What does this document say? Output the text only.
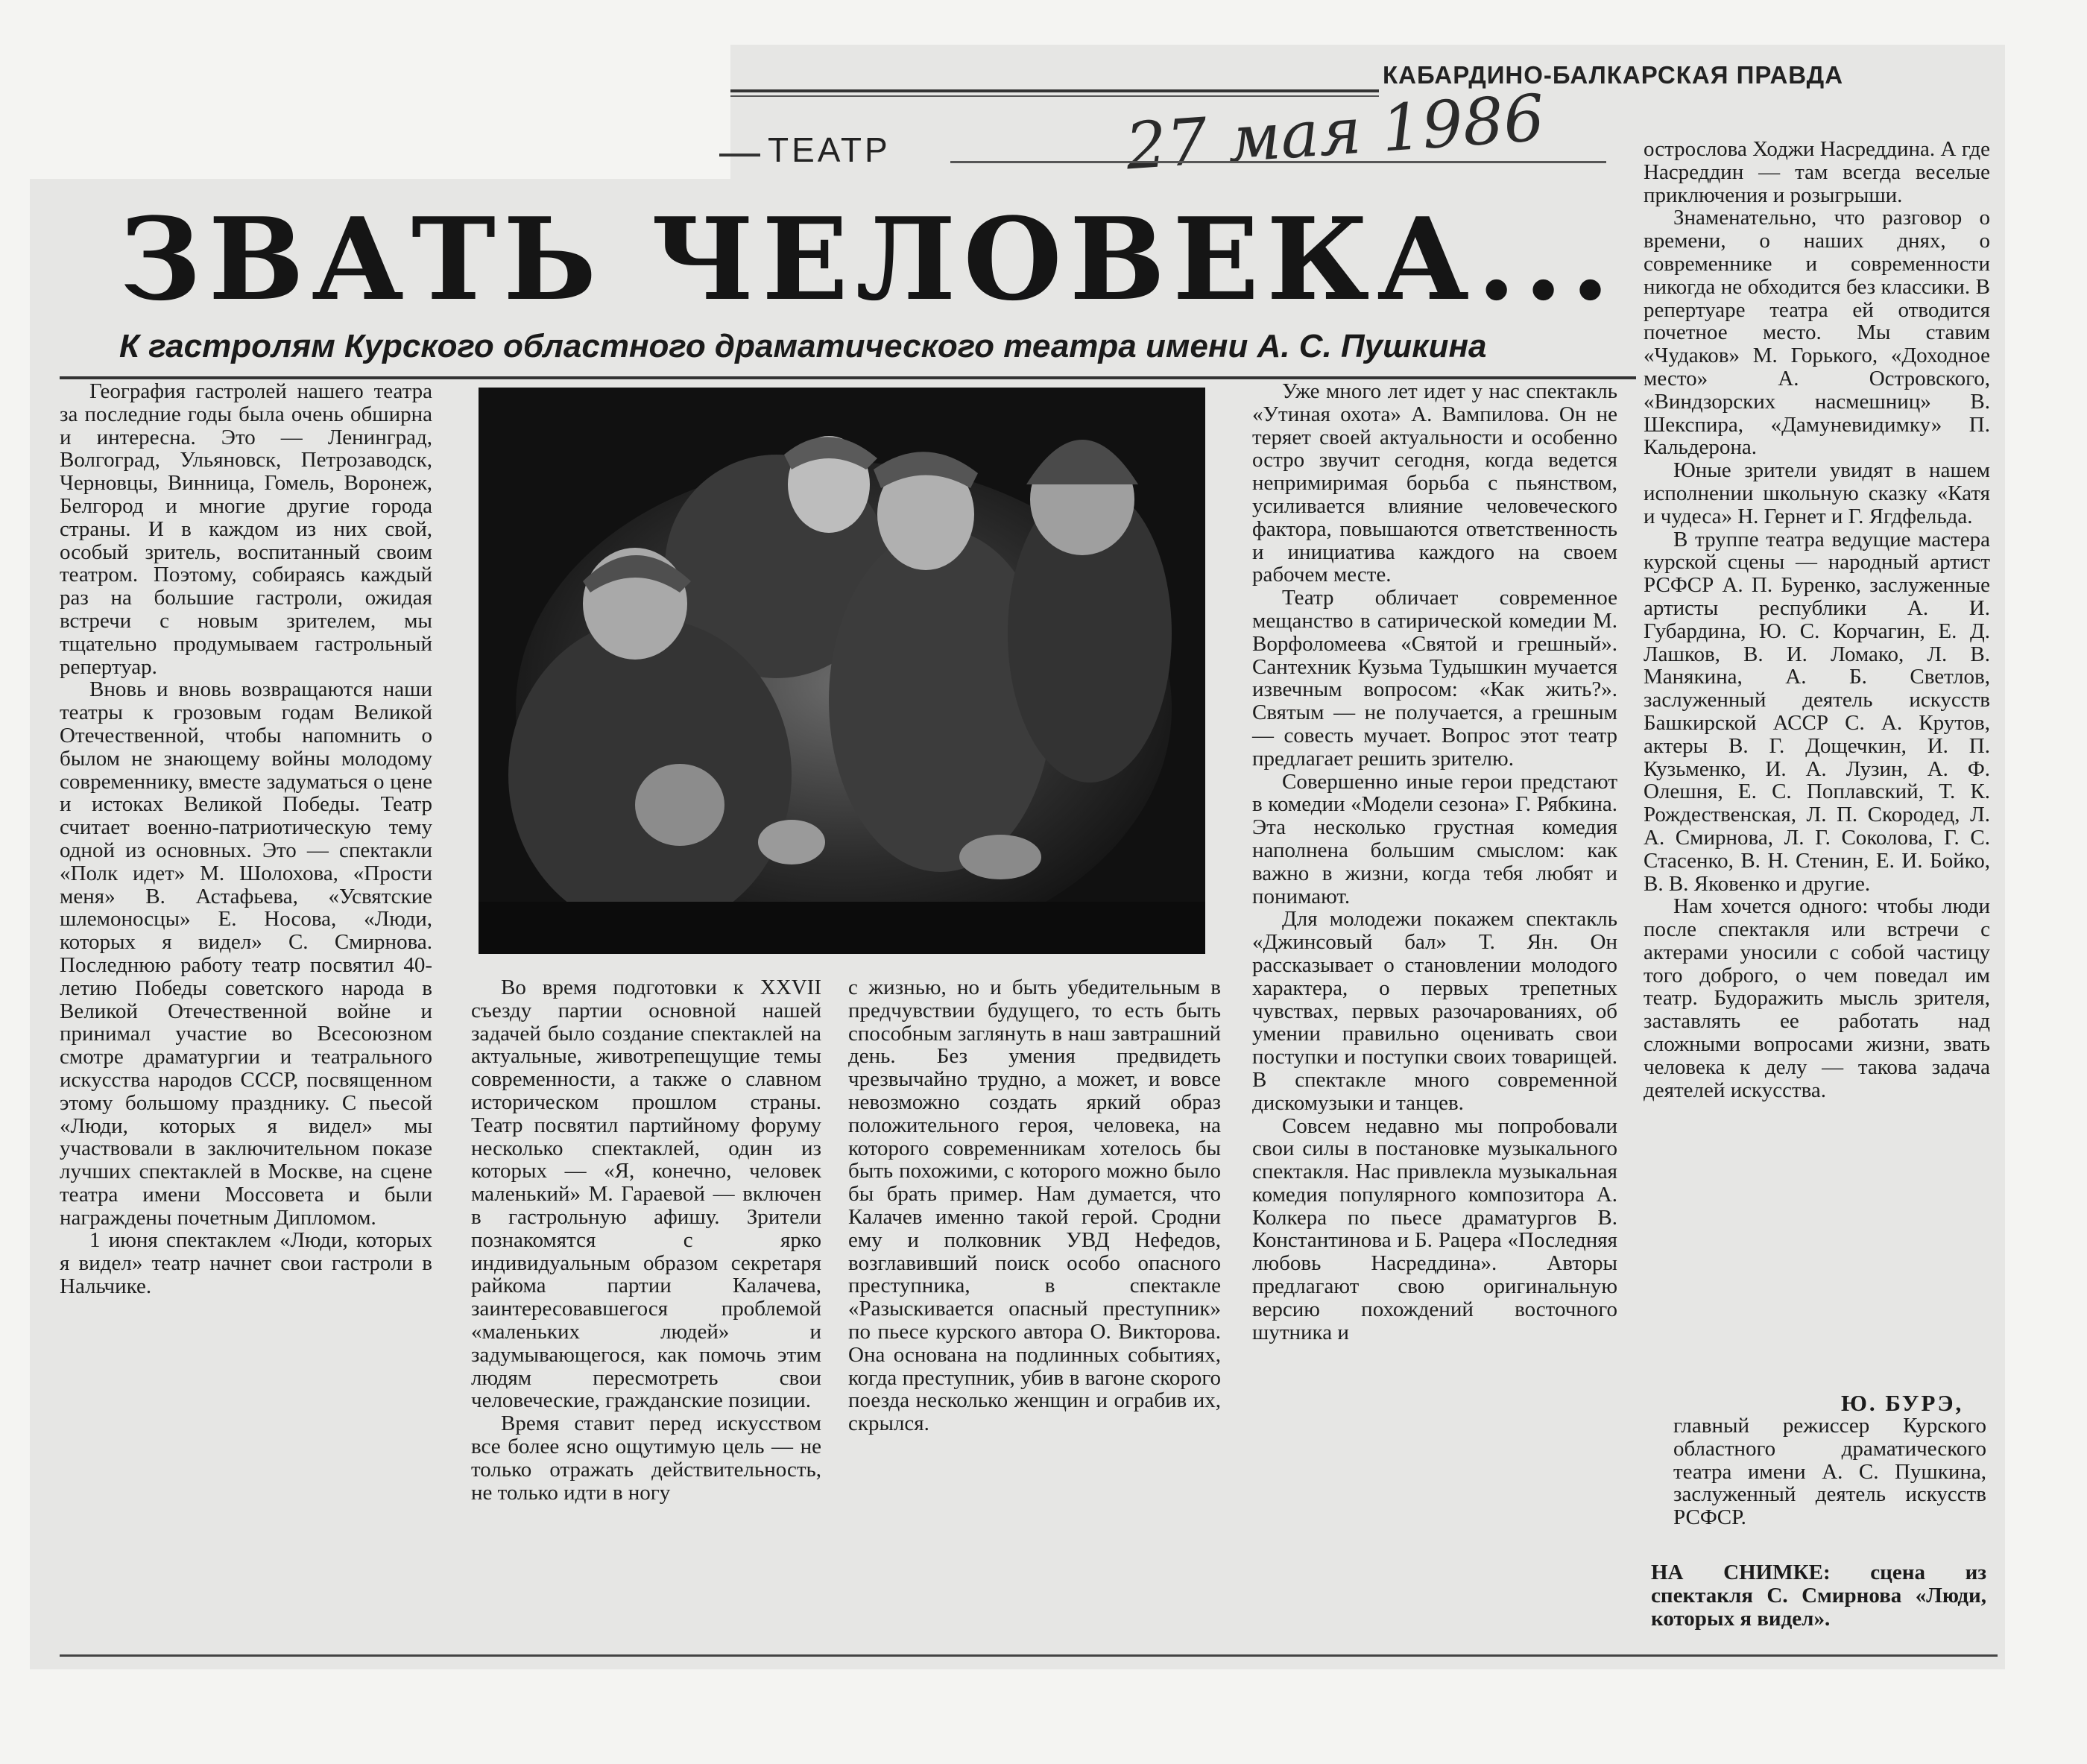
КАБАРДИНО-БАЛКАРСКАЯ ПРАВДА
27 мая 1986
ТЕАТР
ЗВАТЬ ЧЕЛОВЕКА...
К гастролям Курского областного драматического театра имени А. С. Пушкина

География гастролей нашего театра за последние годы была очень обширна и интересна. Это — Ленинград, Волгоград, Ульяновск, Петрозаводск, Черновцы, Винница, Гомель, Воронеж, Белгород и многие другие города страны. И в каждом из них свой, особый зритель, воспитанный своим театром. Поэтому, собираясь каждый раз на большие гастроли, ожидая встречи с новым зрителем, мы тщательно продумываем гастрольный репертуар.

Вновь и вновь возвращаются наши театры к грозовым годам Великой Отечественной, чтобы напомнить о былом не знающему войны молодому современнику, вместе задуматься о цене и истоках Великой Победы. Театр считает военно-патриотическую тему одной из основных. Это — спектакли «Полк идет» М. Шолохова, «Прости меня» В. Астафьева, «Усвятские шлемоносцы» Е. Носова, «Люди, которых я видел» С. Смирнова. Последнюю работу театр посвятил 40-летию Победы советского народа в Великой Отечественной войне и принимал участие во Всесоюзном смотре драматургии и театрального искусства народов СССР, посвященном этому большому празднику. С пьесой «Люди, которых я видел» мы участвовали в заключительном показе лучших спектаклей в Москве, на сцене театра имени Моссовета и были награждены почетным Дипломом.

1 июня спектаклем «Люди, которых я видел» театр начнет свои гастроли в Нальчике.

Во время подготовки к XXVII съезду партии основной нашей задачей было создание спектаклей на актуальные, животрепещущие темы современности, а также о славном историческом прошлом страны. Театр посвятил партийному форуму несколько спектаклей, один из которых — «Я, конечно, человек маленький» М. Гараевой — включен в гастрольную афишу. Зрители познакомятся с ярко индивидуальным образом секретаря райкома партии Калачева, заинтересовавшегося проблемой «маленьких людей» и задумывающегося, как помочь этим людям пересмотреть свои человеческие, гражданские позиции.

Время ставит перед искусством все более ясно ощутимую цель — не только отражать действительность, не только идти в ногу

с жизнью, но и быть убедительным в предчувствии будущего, то есть быть способным заглянуть в наш завтрашний день. Без умения предвидеть чрезвычайно трудно, а может, и вовсе невозможно создать яркий образ положительного героя, человека, на которого современникам хотелось бы быть похожими, с которого можно было бы брать пример. Нам думается, что Калачев именно такой герой. Сродни ему и полковник УВД Нефедов, возглавивший поиск особо опасного преступника, в спектакле «Разыскивается опасный преступник» по пьесе курского автора О. Викторова. Она основана на подлинных событиях, когда преступник, убив в вагоне скорого поезда несколько женщин и ограбив их, скрылся.

Уже много лет идет у нас спектакль «Утиная охота» А. Вампилова. Он не теряет своей актуальности и особенно остро звучит сегодня, когда ведется непримиримая борьба с пьянством, усиливается влияние человеческого фактора, повышаются ответственность и инициатива каждого на своем рабочем месте.

Театр обличает современное мещанство в сатирической комедии М. Ворфоломеева «Святой и грешный». Сантехник Кузьма Тудышкин мучается извечным вопросом: «Как жить?». Святым — не получается, а грешным — совесть мучает. Вопрос этот театр предлагает решить зрителю.

Совершенно иные герои предстают в комедии «Модели сезона» Г. Рябкина. Эта несколько грустная комедия наполнена большим смыслом: как важно в жизни, когда тебя любят и понимают.

Для молодежи покажем спектакль «Джинсовый бал» Т. Ян. Он рассказывает о становлении молодого характера, о первых трепетных чувствах, первых разочарованиях, об умении правильно оценивать свои поступки и поступки своих товарищей. В спектакле много современной дискомузыки и танцев.

Совсем недавно мы попробовали свои силы в постановке музыкального спектакля. Нас привлекла музыкальная комедия популярного композитора А. Колкера по пьесе драматургов В. Константинова и Б. Рацера «Последняя любовь Насреддина». Авторы предлагают свою оригинальную версию похождений восточного шутника и

острослова Ходжи Насреддина. А где Насреддин — там всегда веселые приключения и розыгрыши.

Знаменательно, что разговор о времени, о наших днях, о современнике и современности никогда не обходится без классики. В репертуаре театра ей отводится почетное место. Мы ставим «Чудаков» М. Горького, «Доходное место» А. Островского, «Виндзорских насмешниц» В. Шекспира, «Дамуневидимку» П. Кальдерона.

Юные зрители увидят в нашем исполнении школьную сказку «Катя и чудеса» Н. Гернет и Г. Ягдфельда.

В труппе театра ведущие мастера курской сцены — народный артист РСФСР А. П. Буренко, заслуженные артисты республики А. И. Губардина, Ю. С. Корчагин, Е. Д. Лашков, В. И. Ломако, Л. В. Манякина, А. Б. Светлов, заслуженный деятель искусств Башкирской АССР С. А. Крутов, актеры В. Г. Дощечкин, И. П. Кузьменко, И. А. Лузин, А. Ф. Олешня, Е. С. Поплавский, Т. К. Рождественская, Л. П. Скородед, Л. А. Смирнова, Л. Г. Соколова, Г. С. Стасенко, В. Н. Стенин, Е. И. Бойко, В. В. Яковенко и другие.

Нам хочется одного: чтобы люди после спектакля или встречи с актерами уносили с собой частицу того доброго, о чем поведал им театр. Будоражить мысль зрителя, заставлять ее работать над сложными вопросами жизни, звать человека к делу — такова задача деятелей искусства.

Ю. БУРЭ,
главный режиссер Курского областного драматического театра имени А. С. Пушкина, заслуженный деятель искусств РСФСР.
НА СНИМКЕ: сцена из спектакля С. Смирнова «Люди, которых я видел».
